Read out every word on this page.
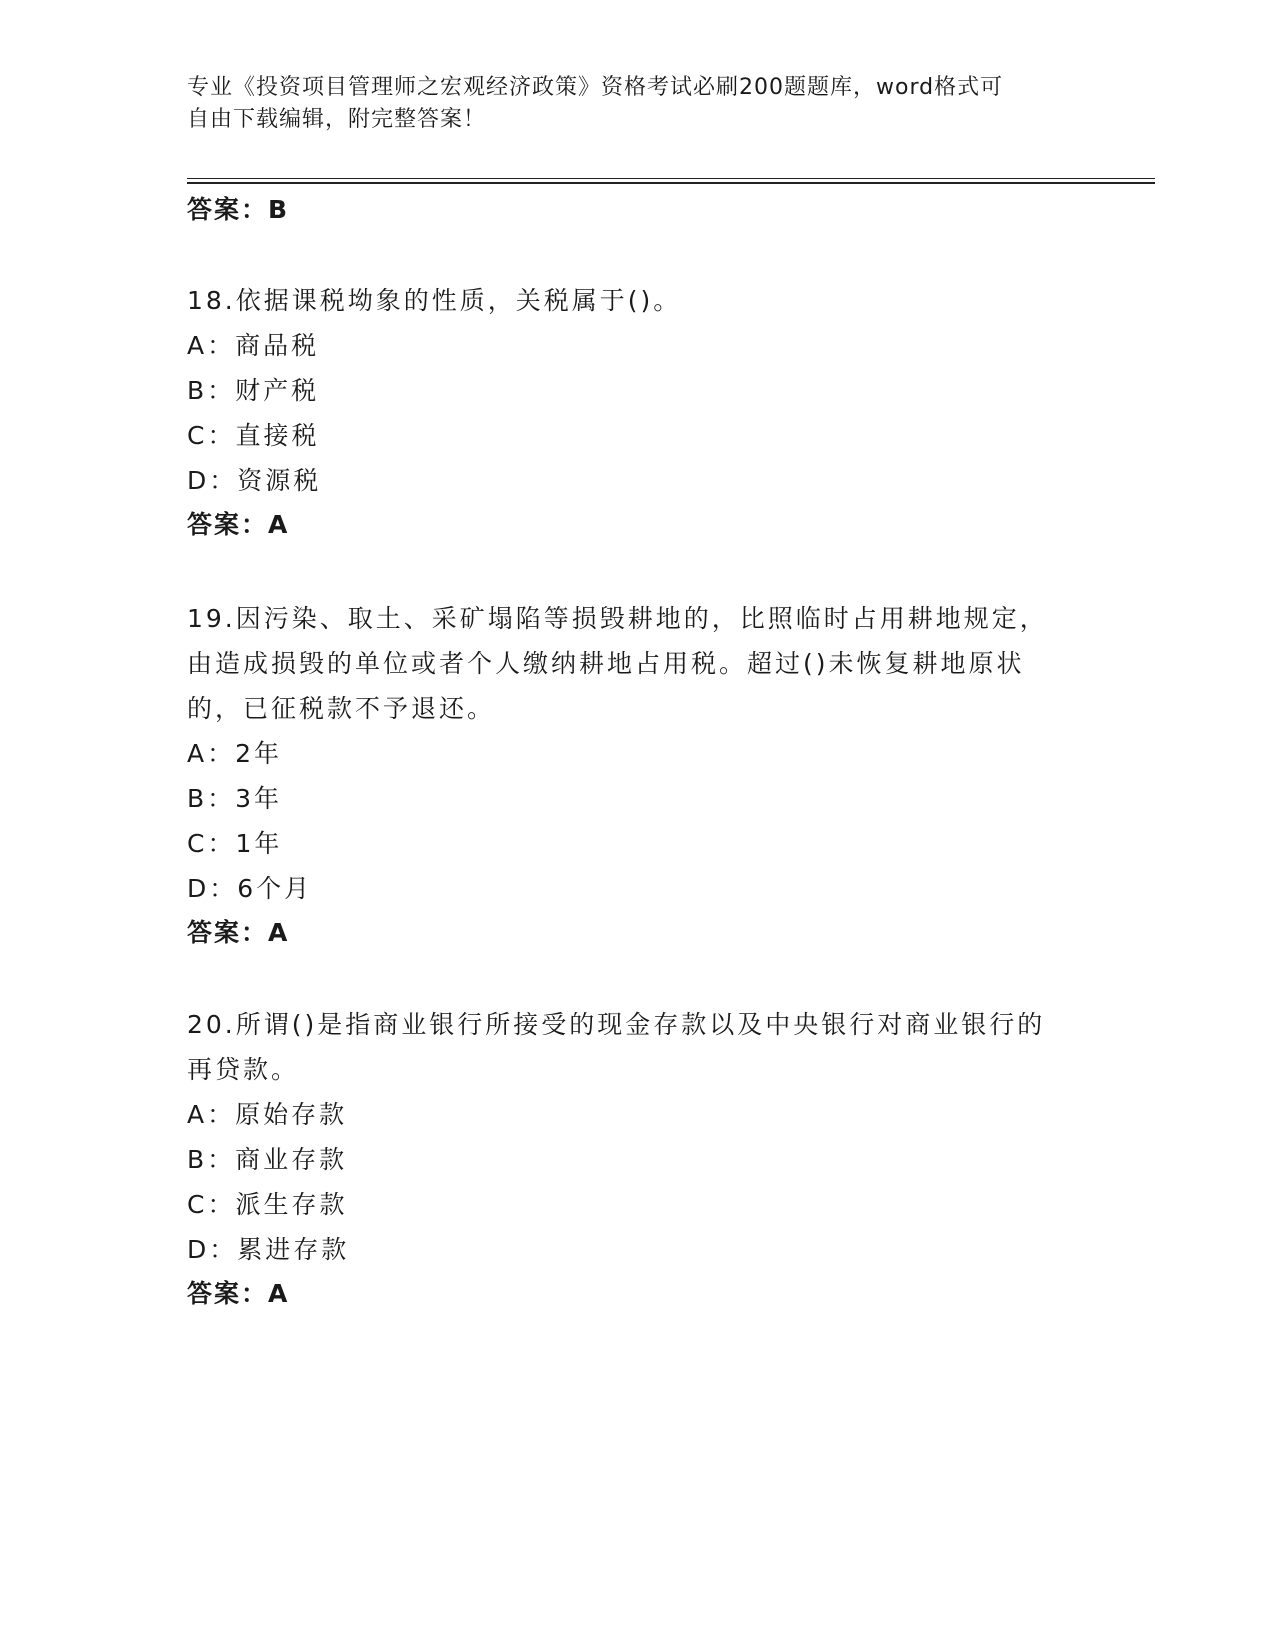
专业《投资项目管理师之宏观经济政策》资格考试必刷200题题库，word格式可
自由下载编辑，附完整答案！
答案：B
18.依据课税坳象的性质，关税属于()。
A：商品税
B：财产税
C：直接税
D：资源税
答案：A
19.因污染、取土、采矿塌陷等损毁耕地的，比照临时占用耕地规定，
由造成损毁的单位或者个人缴纳耕地占用税。超过()未恢复耕地原状
的，已征税款不予退还。
A：2年
B：3年
C：1年
D：6个月
答案：A
20.所谓()是指商业银行所接受的现金存款以及中央银行对商业银行的
再贷款。
A：原始存款
B：商业存款
C：派生存款
D：累进存款
答案：A
